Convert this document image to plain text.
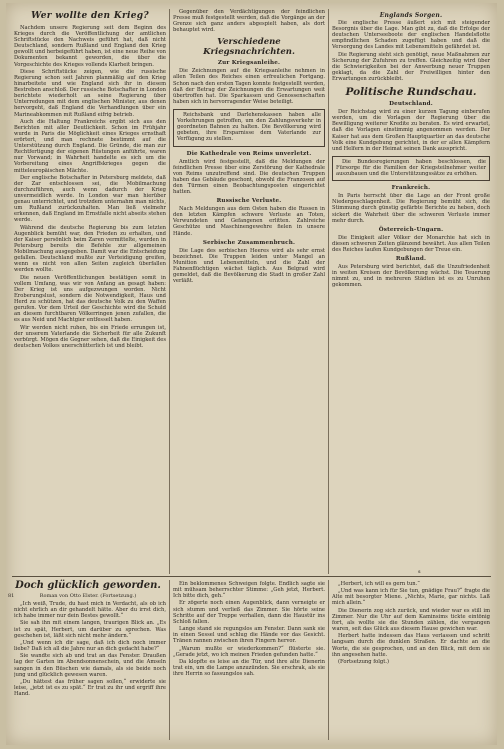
Wer wollte den Krieg?

Nachdem unsere Regierung seit dem Beginn des Krieges durch die Veröffentlichung der amtlichen Schriftstücke den Nachweis geführt hat, daß nicht Deutschland, sondern Rußland und England den Krieg gewollt und herbeigeführt haben, ist eine neue Reihe von Dokumenten bekannt geworden, die über die Vorgeschichte des Krieges vollends Klarheit bringen.

Diese Schriftstücke zeigen, wie die russische Regierung schon seit Jahren planmäßig auf den Krieg hinarbeitete und wie England sich ihr in diesem Bestreben anschloß. Der russische Botschafter in London berichtete wiederholt an seine Regierung über Unterredungen mit dem englischen Minister, aus denen hervorgeht, daß England die Verhandlungen über ein Marineabkommen mit Rußland eifrig betrieb.

Auch die Haltung Frankreichs ergibt sich aus den Berichten mit aller Deutlichkeit. Schon im Frühjahr wurde in Paris die Möglichkeit eines Krieges ernsthaft erörtert, und man rechnete bestimmt auf die Unterstützung durch England. Die Gründe, die man zur Rechtfertigung der eigenen Rüstungen anführte, waren nur Vorwand; in Wahrheit handelte es sich um die Vorbereitung eines Angriffskrieges gegen die mitteleuropäischen Mächte.

Der englische Botschafter in Petersburg meldete, daß der Zar entschlossen sei, die Mobilmachung durchzuführen, auch wenn dadurch der Krieg unvermeidlich werde. In London war man hierüber genau unterrichtet, und trotzdem unternahm man nichts, um Rußland zurückzuhalten. Man ließ vielmehr erkennen, daß England im Ernstfalle nicht abseits stehen werde.

Während die deutsche Regierung bis zum letzten Augenblick bemüht war, den Frieden zu erhalten, und der Kaiser persönlich beim Zaren vermittelte, wurden in Petersburg bereits die Befehle zur allgemeinen Mobilmachung ausgegeben. Damit war die Entscheidung gefallen. Deutschland mußte zur Verteidigung greifen, wenn es nicht von allen Seiten zugleich überfallen werden wollte.

Die neuen Veröffentlichungen bestätigen somit in vollem Umfang, was wir von Anfang an gesagt haben: Der Krieg ist uns aufgezwungen worden. Nicht Eroberungslust, sondern die Notwendigkeit, Haus und Herd zu schützen, hat das deutsche Volk zu den Waffen gerufen. Vor dem Urteil der Geschichte wird die Schuld an diesem furchtbaren Völkerringen jenen zufallen, die es aus Neid und Machtgier entfesselt haben.

Wir werden nicht ruhen, bis ein Friede errungen ist, der unserem Vaterlande die Sicherheit für alle Zukunft verbürgt. Mögen die Gegner sehen, daß die Einigkeit des deutschen Volkes unerschütterlich ist und bleibt.

Gegenüber den Verdächtigungen der feindlichen Presse muß festgestellt werden, daß die Vorgänge an der Grenze sich ganz anders abgespielt haben, als dort behauptet wird.

Verschiedene Kriegsnachrichten.
Zur Kriegsanleihe.

Die Zeichnungen auf die Kriegsanleihe nehmen in allen Teilen des Reiches einen erfreulichen Fortgang. Schon nach den ersten Tagen konnte festgestellt werden, daß der Betrag der Zeichnungen die Erwartungen weit übertroffen hat. Die Sparkassen und Genossenschaften haben sich in hervorragender Weise beteiligt.

Reichsbank und Darlehenskassen haben alle Vorkehrungen getroffen, um den Zahlungsverkehr in geordneten Bahnen zu halten. Die Bevölkerung wird gebeten, ihre Ersparnisse dem Vaterlande zur Verfügung zu stellen.

Die Kathedrale von Reims unverletzt.

Amtlich wird festgestellt, daß die Meldungen der feindlichen Presse über eine Zerstörung der Kathedrale von Reims unzutreffend sind. Die deutschen Truppen haben das Gebäude geschont, obwohl die Franzosen auf den Türmen einen Beobachtungsposten eingerichtet hatten.

Russische Verluste.

Nach Meldungen aus dem Osten haben die Russen in den letzten Kämpfen schwere Verluste an Toten, Verwundeten und Gefangenen erlitten. Zahlreiche Geschütze und Maschinengewehre fielen in unsere Hände.

Serbische Zusammenbruch.

Die Lage des serbischen Heeres wird als sehr ernst bezeichnet. Die Truppen leiden unter Mangel an Munition und Lebensmitteln, und die Zahl der Fahnenflüchtigen wächst täglich. Aus Belgrad wird gemeldet, daß die Bevölkerung die Stadt in großer Zahl verläßt.

Englands Sorgen.

Die englische Presse äußert sich mit steigender Besorgnis über die Lage. Man gibt zu, daß die Erfolge der deutschen Unterseeboote der englischen Handelsflotte empfindlichen Schaden zugefügt haben und daß die Versorgung des Landes mit Lebensmitteln gefährdet ist.

Die Regierung sieht sich genötigt, neue Maßnahmen zur Sicherung der Zufuhren zu treffen. Gleichzeitig wird über die Schwierigkeiten bei der Anwerbung neuer Truppen geklagt, da die Zahl der Freiwilligen hinter den Erwartungen zurückbleibt.

Politische Rundschau.
Deutschland.

Der Reichstag wird zu einer kurzen Tagung einberufen werden, um die Vorlagen der Regierung über die Bewilligung weiterer Kredite zu beraten. Es wird erwartet, daß die Vorlagen einstimmig angenommen werden. Der Kaiser hat aus dem Großen Hauptquartier an das deutsche Volk eine Kundgebung gerichtet, in der er allen Kämpfern und Helfern in der Heimat seinen Dank ausspricht.

Die Bundesregierungen haben beschlossen, die Fürsorge für die Familien der Kriegsteilnehmer weiter auszubauen und die Unterstützungssätze zu erhöhen.

Frankreich.

In Paris herrscht über die Lage an der Front große Niedergeschlagenheit. Die Regierung bemüht sich, die Stimmung durch günstig gefärbte Berichte zu heben, doch sickert die Wahrheit über die schweren Verluste immer mehr durch.

Österreich-Ungarn.

Die Einigkeit aller Völker der Monarchie hat sich in diesen schweren Zeiten glänzend bewährt. Aus allen Teilen des Reiches laufen Kundgebungen der Treue ein.

Rußland.

Aus Petersburg wird berichtet, daß die Unzufriedenheit in weiten Kreisen der Bevölkerung wächst. Die Teuerung nimmt zu, und in mehreren Städten ist es zu Unruhen gekommen.

Doch glücklich geworden.
Roman von Otto Elster. (Fortsetzung.)
81

„Ich weiß, Trude, du hast mich in Verdacht, als ob ich nicht ehrlich an dir gehandelt hätte. Aber du irrst dich, ich habe immer nur dein Bestes gewollt.“

Sie sah ihn mit einem langen, traurigen Blick an. „Es ist zu spät, Herbert, um darüber zu sprechen. Was geschehen ist, läßt sich nicht mehr ändern.“

„Und wenn ich dir sage, daß ich dich noch immer liebe? Daß ich all die Jahre nur an dich gedacht habe?“

Sie wandte sich ab und trat an das Fenster. Draußen lag der Garten im Abendsonnenschein, und die Amseln sangen in den Büschen wie damals, als sie beide noch jung und glücklich gewesen waren.

„Du hättest das früher sagen sollen,“ erwiderte sie leise, „jetzt ist es zu spät.“ Er trat zu ihr und ergriff ihre Hand.

Ein beklommenes Schweigen folgte. Endlich sagte sie mit mühsam beherrschter Stimme: „Geh jetzt, Herbert. Ich bitte dich, geh.“

Er zögerte noch einen Augenblick, dann verneigte er sich stumm und verließ das Zimmer. Sie hörte seine Schritte auf der Treppe verhallen, dann die Haustür ins Schloß fallen.

Lange stand sie regungslos am Fenster. Dann sank sie in einen Sessel und schlug die Hände vor das Gesicht. Tränen rannen zwischen ihren Fingern hervor.

„Warum mußte er wiederkommen?“ flüsterte sie. „Gerade jetzt, wo ich meinen Frieden gefunden hatte.“

Da klopfte es leise an die Tür, und ihre alte Dienerin trat ein, um die Lampe anzuzünden. Sie erschrak, als sie ihre Herrin so fassungslos sah.

„Herbert, ich will es gern tun.“

„Und was kann ich für Sie tun, gnädige Frau?“ fragte die Alte mit besorgter Miene. „Nichts, Marie, gar nichts. Laß mich allein.“

Die Dienerin zog sich zurück, und wieder war es still im Zimmer. Nur die Uhr auf dem Kaminsims tickte eintönig fort, als wollte sie die Stunden zählen, die vergangen waren, seit das Glück aus diesem Hause gewichen war.

Herbert hatte indessen das Haus verlassen und schritt langsam durch die dunklen Straßen. Er dachte an die Worte, die sie gesprochen, und an den Blick, mit dem sie ihn angesehen hatte.

(Fortsetzung folgt.)

s
